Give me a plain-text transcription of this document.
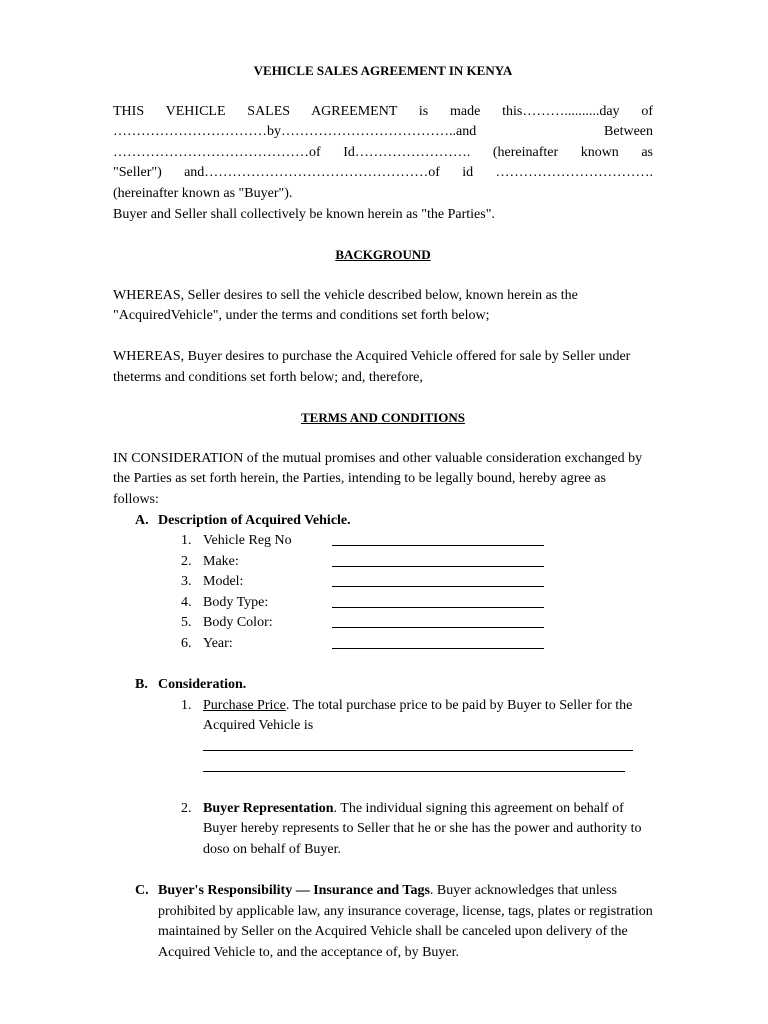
VEHICLE SALES AGREEMENT IN KENYA

THIS VEHICLE SALES AGREEMENT is made this………..........day of

……………………………by………………………………..and Between

……………………………………of Id……………………. (hereinafter known as

"Seller") and…………………………………………of id …………………………….

(hereinafter known as "Buyer").

Buyer and Seller shall collectively be known herein as "the Parties".

BACKGROUND

WHEREAS, Seller desires to sell the vehicle described below, known herein as the "AcquiredVehicle", under the terms and conditions set forth below;

WHEREAS, Buyer desires to purchase the Acquired Vehicle offered for sale by Seller under theterms and conditions set forth below; and, therefore,

TERMS AND CONDITIONS

IN CONSIDERATION of the mutual promises and other valuable consideration exchanged by the Parties as set forth herein, the Parties, intending to be legally bound, hereby agree as follows:

A. Description of Acquired Vehicle.
1. Vehicle Reg No
2. Make:
3. Model:
4. Body Type:
5. Body Color:
6. Year:
B. Consideration.

1. Purchase Price. The total purchase price to be paid by Buyer to Seller for the Acquired Vehicle is

2. Buyer Representation. The individual signing this agreement on behalf of Buyer hereby represents to Seller that he or she has the power and authority to doso on behalf of Buyer.

C. Buyer's Responsibility –– Insurance and Tags. Buyer acknowledges that unless prohibited by applicable law, any insurance coverage, license, tags, plates or registration maintained by Seller on the Acquired Vehicle shall be canceled upon delivery of the Acquired Vehicle to, and the acceptance of, by Buyer.
